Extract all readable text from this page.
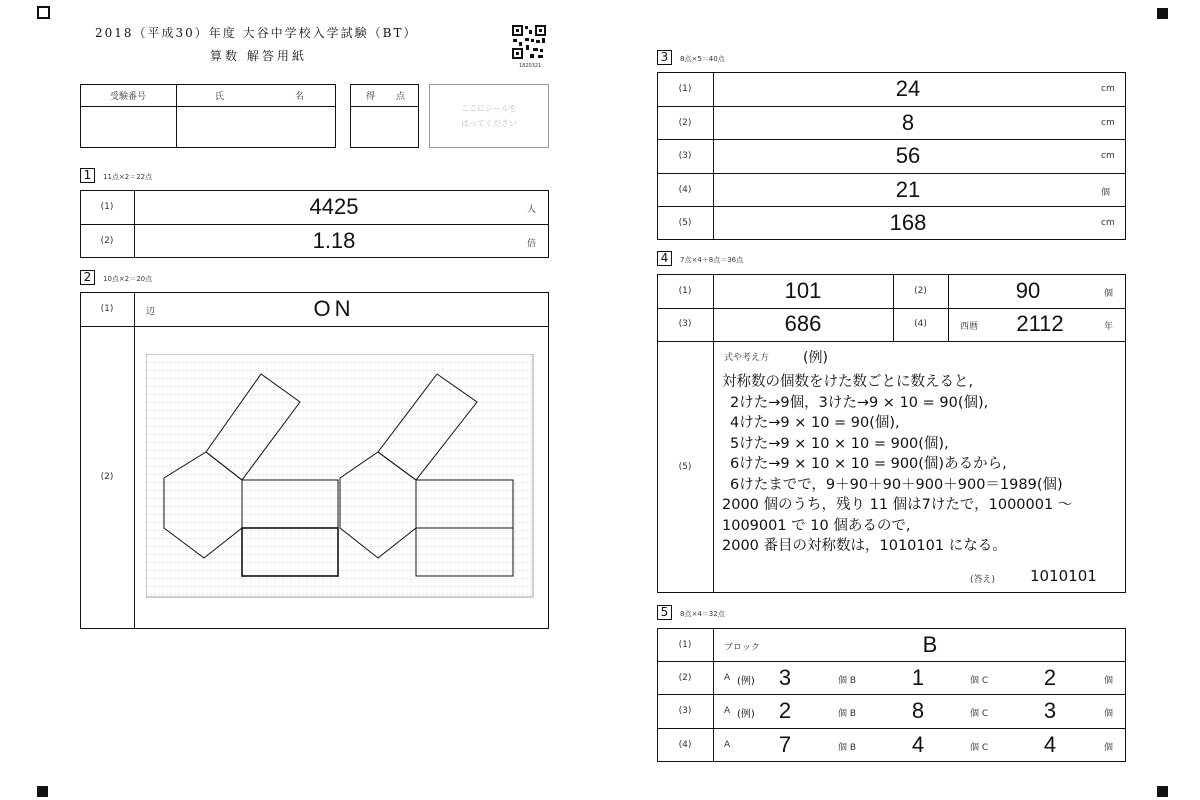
2018（平成30）年度 大谷中学校入学試験（BT）
算数 解答用紙
1820321
受験番号	氏	名	得 点
ここにシールを
はってください
1	11点×2＝22点
(1)	4425	人
(2)	1.18	倍
2	10点×2＝20点
(1)	辺	ON
(2)
3	8点×5＝40点
(1)	24	cm
(2)	8	cm
(3)	56	cm
(4)	21	個
(5)	168	cm
4	7点×4＋8点＝36点
(1)	101	(2)	90	個
(3)	686	(4)	西暦	2112	年
(5)
式や考え方 (例)
対称数の個数をけた数ごとに数えると,
2けた→9個，3けた→9 × 10 = 90(個),
4けた→9 × 10 = 90(個),
5けた→9 × 10 × 10 = 900(個),
6けた→9 × 10 × 10 = 900(個)あるから,
6けたまでで，9＋90＋90＋900＋900＝1989(個)
2000 個のうち，残り 11 個は7けたで，1000001 〜
1009001 で 10 個あるので,
2000 番目の対称数は，1010101 になる。
(答え) 1010101
5	8点×4＝32点
(1)	ブロック	B
(2)	A (例)	3	個 B	1	個 C	2	個
(3)	A (例)	2	個 B	8	個 C	3	個
(4)	A	7	個 B	4	個 C	4	個
